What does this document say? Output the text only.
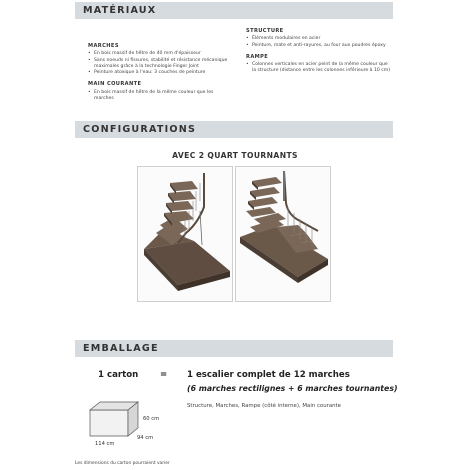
MATÉRIAUX
MARCHES
• En bois massif de hêtre de 40 mm d'épaisseur
• Sans noeuds ni fissures, stabilité et résistance mécanique maximales grâce à la technologie Finger Joint
• Peinture atoxique à l'eau: 3 couches de peinture
MAIN COURANTE
• En bois massif de hêtre de la même couleur que les marches
STRUCTURE
• Éléments modulaires en acier
• Peinture, mate et anti-rayures, au four aux poudres époxy
RAMPE
• Colonnes verticales en acier peint de la même couleur que la structure (distance entre les colonnes inférieure à 10 cm)
CONFIGURATIONS
AVEC 2 QUART TOURNANTS
EMBALLAGE
1 carton	= 1 escalier complet de 12 marches
(6 marches rectilignes + 6 marches tournantes)
Structure, Marches, Rampe (côté interne), Main courante
60 cm
114 cm
94 cm
Les dimensions du carton pourraient varier
